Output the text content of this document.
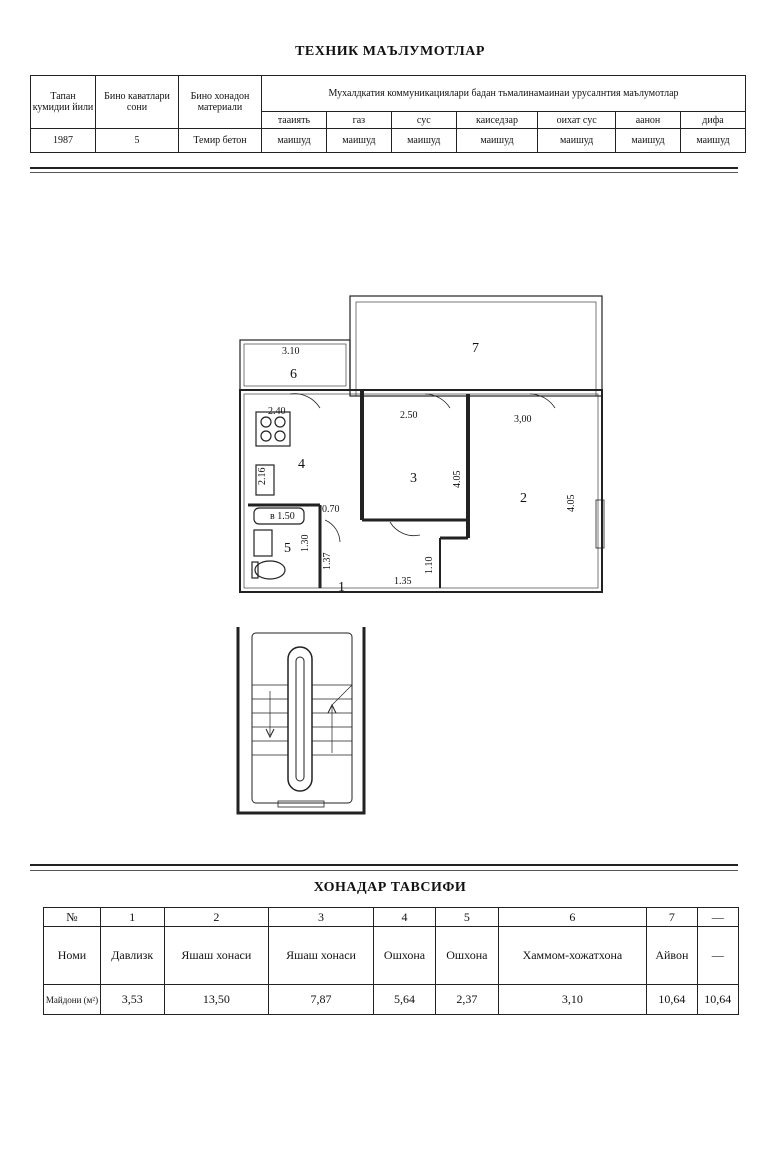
ТЕХНИК МАЪЛУМОТЛАР
Тапан кумидии йили	Бино каватлари сони	Бино хонадон материали	Мухалдкатия коммуникациялари бадан тьмалинамаинаи урусалнтия маълумотлар						
			тааиять	газ	сус	каиседзар	оихат сус	аанон	дифа
1987	5	Темир бетон	маишуд	маишуд	маишуд	маишуд	маишуд	маишуд	маишуд
1
2
3
4
5
6
7
3.10
2.40	2.50	3,00
0.70
в 1.50
1.35
2.16	4.05
4.05
1.30
1.37	1.10
ХОНАДАР ТАВСИФИ
№	1	2	3	4	5	6	7	—
Номи	Давлизк	Яшаш хонаси	Яшаш хонаси	Ошхона	Ошхона	Хаммом-хожатхона	Айвон	—
Майдони (м²)	3,53	13,50	7,87	5,64	2,37	3,10	10,64	10,64
